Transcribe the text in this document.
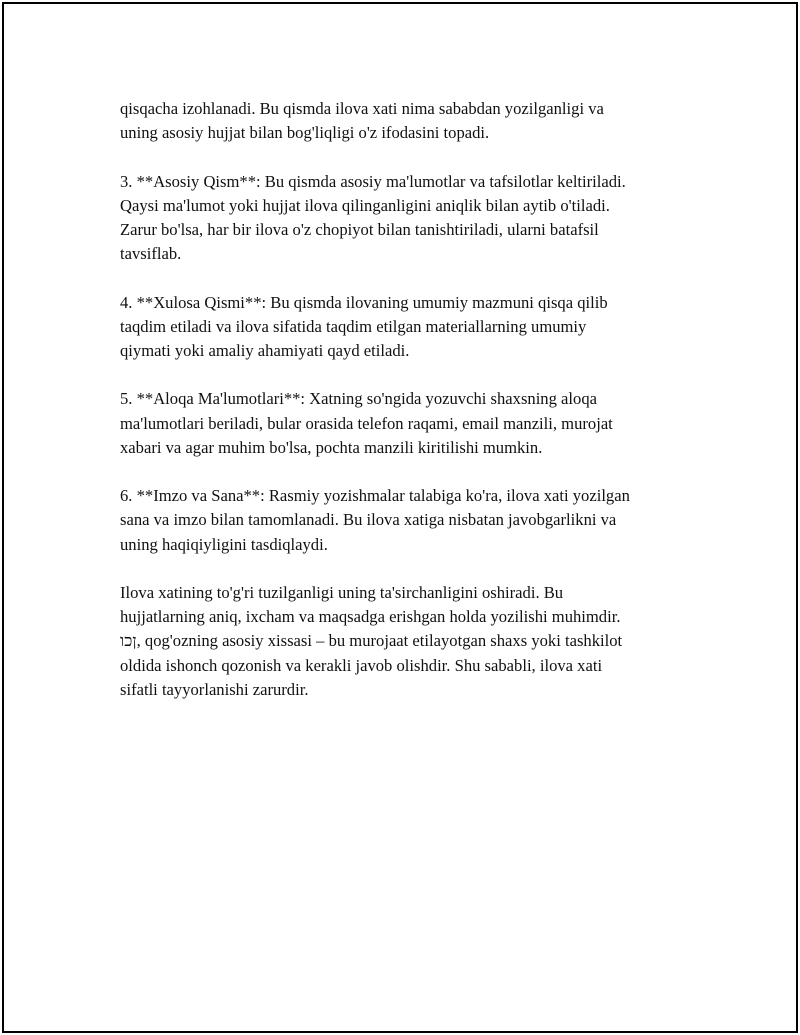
qisqacha izohlanadi. Bu qismda ilova xati nima sababdan yozilganligi va
uning asosiy hujjat bilan bog'liqligi o'z ifodasini topadi.

3. **Asosiy Qism**: Bu qismda asosiy ma'lumotlar va tafsilotlar keltiriladi.
Qaysi ma'lumot yoki hujjat ilova qilinganligini aniqlik bilan aytib o'tiladi.
Zarur bo'lsa, har bir ilova o'z chopiyot bilan tanishtiriladi, ularni batafsil
tavsiflab.

4. **Xulosa Qismi**: Bu qismda ilovaning umumiy mazmuni qisqa qilib
taqdim etiladi va ilova sifatida taqdim etilgan materiallarning umumiy
qiymati yoki amaliy ahamiyati qayd etiladi.

5. **Aloqa Ma'lumotlari**: Xatning so'ngida yozuvchi shaxsning aloqa
ma'lumotlari beriladi, bular orasida telefon raqami, email manzili, murojat
xabari va agar muhim bo'lsa, pochta manzili kiritilishi mumkin.

6. **Imzo va Sana**: Rasmiy yozishmalar talabiga ko'ra, ilova xati yozilgan
sana va imzo bilan tamomlanadi. Bu ilova xatiga nisbatan javobgarlikni va
uning haqiqiyligini tasdiqlaydi.

Ilova xatining to'g'ri tuzilganligi uning ta'sirchanligini oshiradi. Bu
hujjatlarning aniq, ixcham va maqsadga erishgan holda yozilishi muhimdir.
ןכו, qog'ozning asosiy xissasi – bu murojaat etilayotgan shaxs yoki tashkilot
oldida ishonch qozonish va kerakli javob olishdir. Shu sababli, ilova xati
sifatli tayyorlanishi zarurdir.
